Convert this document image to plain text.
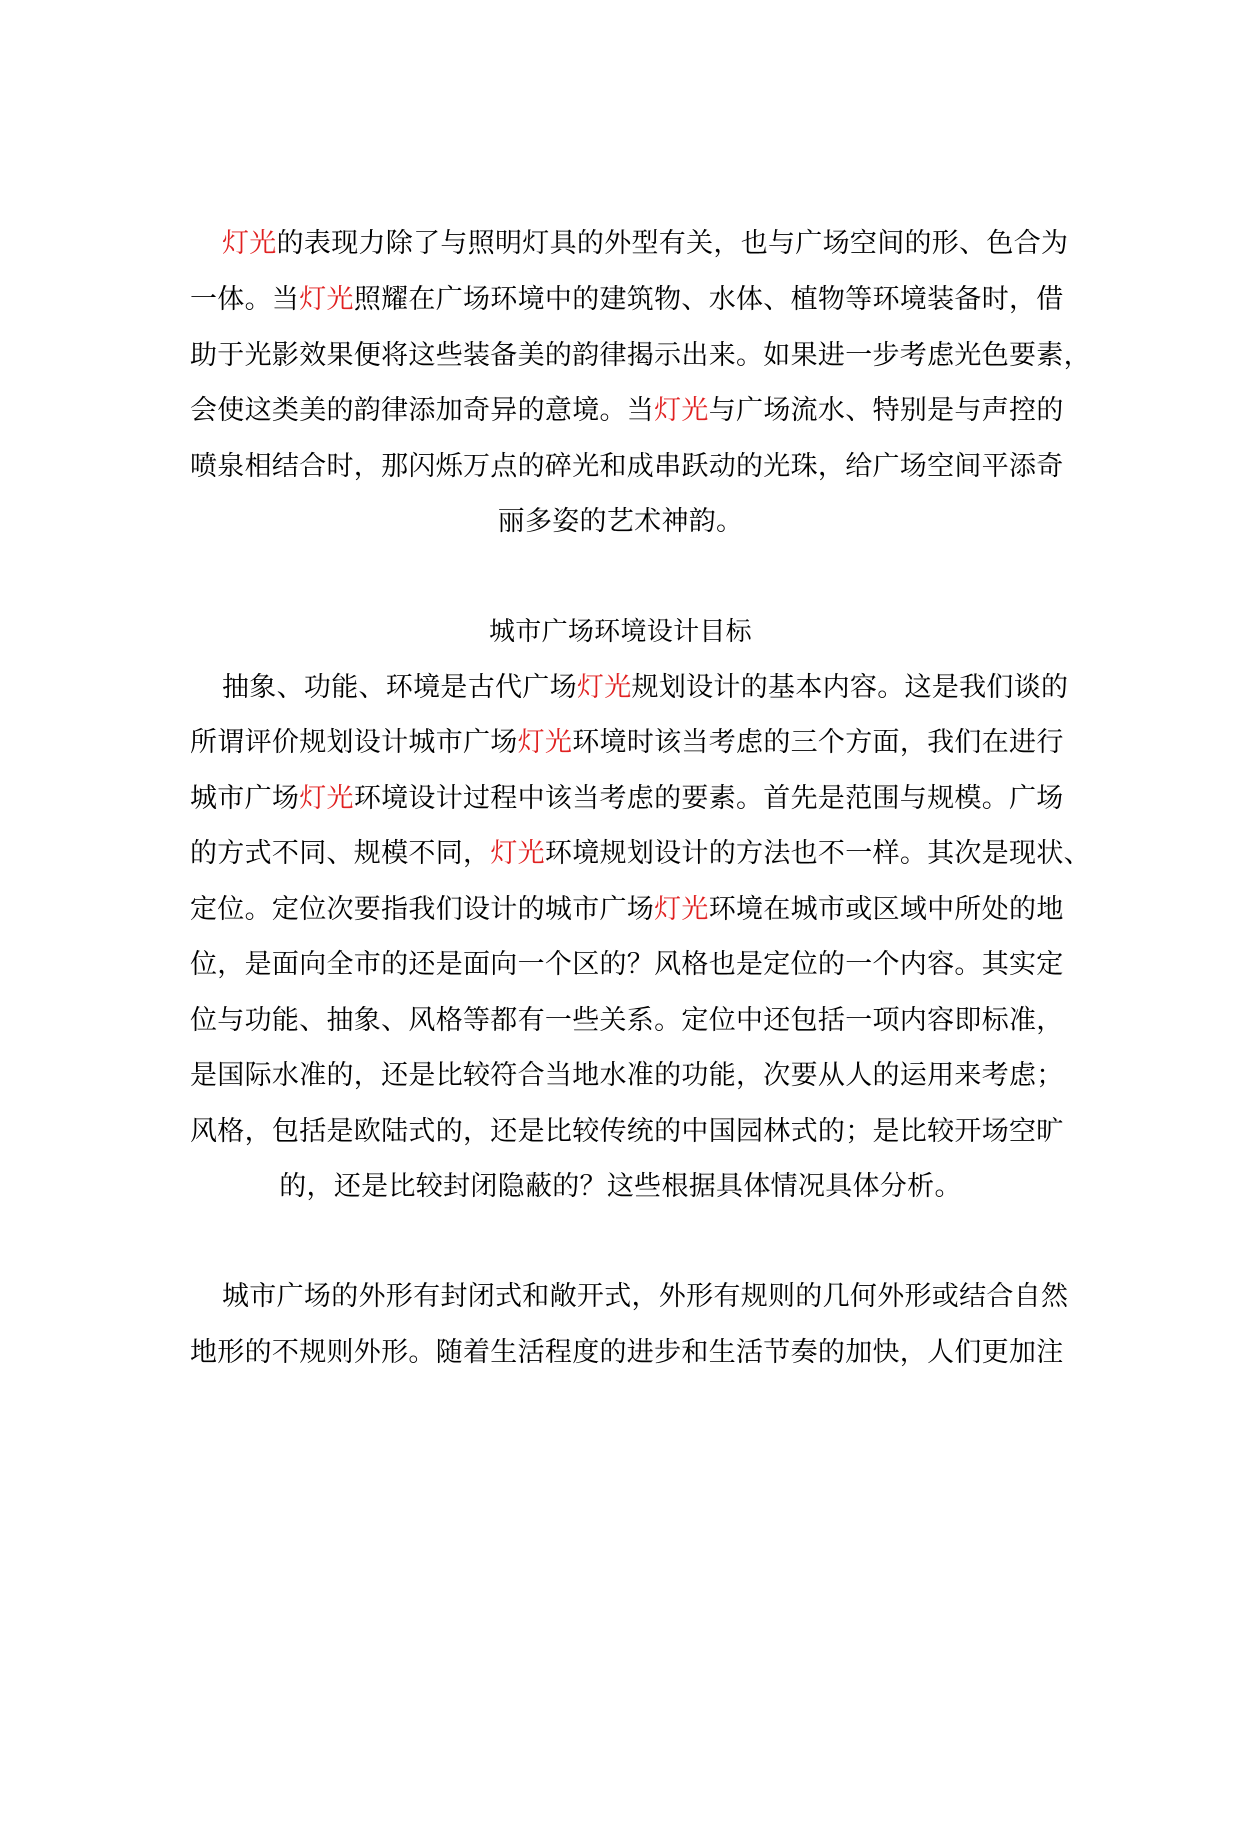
灯光的表现力除了与照明灯具的外型有关，也与广场空间的形、色合为
一体。当灯光照耀在广场环境中的建筑物、水体、植物等环境装备时，借
助于光影效果便将这些装备美的韵律揭示出来。如果进一步考虑光色要素，
会使这类美的韵律添加奇异的意境。当灯光与广场流水、特别是与声控的
喷泉相结合时，那闪烁万点的碎光和成串跃动的光珠，给广场空间平添奇
丽多姿的艺术神韵。
城市广场环境设计目标
抽象、功能、环境是古代广场灯光规划设计的基本内容。这是我们谈的
所谓评价规划设计城市广场灯光环境时该当考虑的三个方面，我们在进行
城市广场灯光环境设计过程中该当考虑的要素。首先是范围与规模。广场
的方式不同、规模不同，灯光环境规划设计的方法也不一样。其次是现状、
定位。定位次要指我们设计的城市广场灯光环境在城市或区域中所处的地
位，是面向全市的还是面向一个区的？风格也是定位的一个内容。其实定
位与功能、抽象、风格等都有一些关系。定位中还包括一项内容即标准，
是国际水准的，还是比较符合当地水准的功能，次要从人的运用来考虑；
风格，包括是欧陆式的，还是比较传统的中国园林式的；是比较开场空旷
的，还是比较封闭隐蔽的？这些根据具体情况具体分析。
城市广场的外形有封闭式和敞开式，外形有规则的几何外形或结合自然
地形的不规则外形。随着生活程度的进步和生活节奏的加快，人们更加注
